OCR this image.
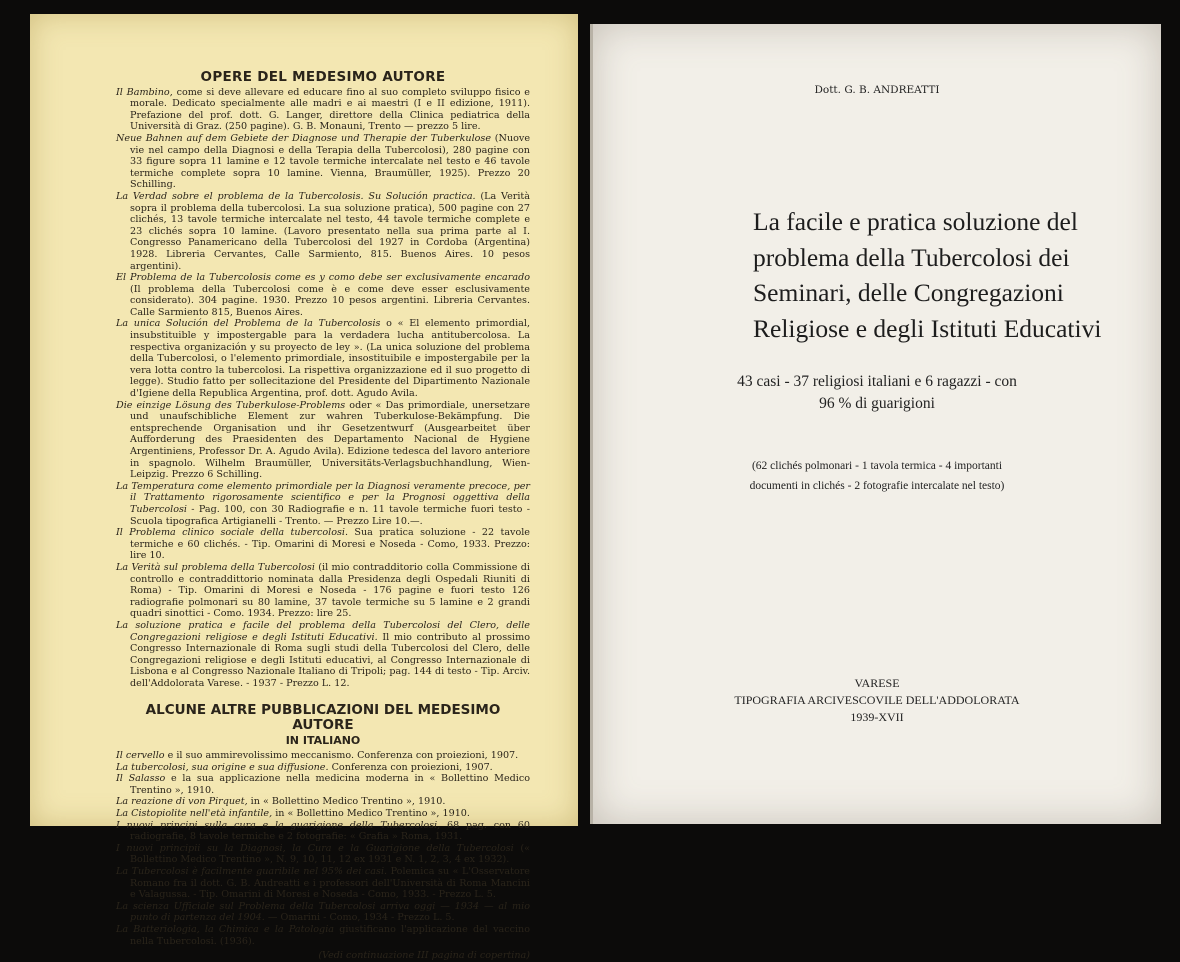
OPERE DEL MEDESIMO AUTORE
Il Bambino, come si deve allevare ed educare fino al suo completo sviluppo fisico e morale. Dedicato specialmente alle madri e ai maestri (I e II edizione, 1911). Prefazione del prof. dott. G. Langer, direttore della Clinica pediatrica della Università di Graz. (250 pagine). G. B. Monauni, Trento — prezzo 5 lire.
Neue Bahnen auf dem Gebiete der Diagnose und Therapie der Tuberkulose (Nuove vie nel campo della Diagnosi e della Terapia della Tubercolosi), 280 pagine con 33 figure sopra 11 lamine e 12 tavole termiche intercalate nel testo e 46 tavole termiche complete sopra 10 lamine. Vienna, Braumüller, 1925). Prezzo 20 Schilling.
La Verdad sobre el problema de la Tubercolosis. Su Solución practica. (La Verità sopra il problema della tubercolosi. La sua soluzione pratica), 500 pagine con 27 clichés, 13 tavole termiche intercalate nel testo, 44 tavole termiche complete e 23 clichés sopra 10 lamine. (Lavoro presentato nella sua prima parte al I. Congresso Panamericano della Tubercolosi del 1927 in Cordoba (Argentina) 1928. Libreria Cervantes, Calle Sarmiento, 815. Buenos Aires. 10 pesos argentini).
El Problema de la Tubercolosis come es y como debe ser exclusivamente encarado (Il problema della Tubercolosi come è e come deve esser esclusivamente considerato). 304 pagine. 1930. Prezzo 10 pesos argentini. Libreria Cervantes. Calle Sarmiento 815, Buenos Aires.
La unica Solución del Problema de la Tubercolosis o « El elemento primordial, insubstituible y impostergable para la verdadera lucha antitubercolosa. La respectiva organización y su proyecto de ley ». (La unica soluzione del problema della Tubercolosi, o l'elemento primordiale, insostituibile e impostergabile per la vera lotta contro la tubercolosi. La rispettiva organizzazione ed il suo progetto di legge). Studio fatto per sollecitazione del Presidente del Dipartimento Nazionale d'Igiene della Republica Argentina, prof. dott. Agudo Avila.
Die einzige Lösung des Tuberkulose-Problems oder « Das primordiale, unersetzare und unaufschibliche Element zur wahren Tuberkulose-Bekämpfung. Die entsprechende Organisation und ihr Gesetzentwurf (Ausgearbeitet über Aufforderung des Praesidenten des Departamento Nacional de Hygiene Argentiniens, Professor Dr. A. Agudo Avila). Edizione tedesca del lavoro anteriore in spagnolo. Wilhelm Braumüller, Universitäts-Verlagsbuchhandlung, Wien-Leipzig. Prezzo 6 Schilling.
La Temperatura come elemento primordiale per la Diagnosi veramente precoce, per il Trattamento rigorosamente scientifico e per la Prognosi oggettiva della Tubercolosi - Pag. 100, con 30 Radiografie e n. 11 tavole termiche fuori testo - Scuola tipografica Artigianelli - Trento. — Prezzo Lire 10.—.
Il Problema clinico sociale della tubercolosi. Sua pratica soluzione - 22 tavole termiche e 60 clichés. - Tip. Omarini di Moresi e Noseda - Como, 1933. Prezzo: lire 10.
La Verità sul problema della Tubercolosi (il mio contradditorio colla Commissione di controllo e contraddittorio nominata dalla Presidenza degli Ospedali Riuniti di Roma) - Tip. Omarini di Moresi e Noseda - 176 pagine e fuori testo 126 radiografie polmonari su 80 lamine, 37 tavole termiche su 5 lamine e 2 grandi quadri sinottici - Como. 1934. Prezzo: lire 25.
La soluzione pratica e facile del problema della Tubercolosi del Clero, delle Congregazioni religiose e degli Istituti Educativi. Il mio contributo al prossimo Congresso Internazionale di Roma sugli studi della Tubercolosi del Clero, delle Congregazioni religiose e degli Istituti educativi, al Congresso Internazionale di Lisbona e al Congresso Nazionale Italiano di Tripoli; pag. 144 di testo - Tip. Arciv. dell'Addolorata Varese. - 1937 - Prezzo L. 12.
ALCUNE ALTRE PUBBLICAZIONI DEL MEDESIMO AUTORE
IN ITALIANO
Il cervello e il suo ammirevolissimo meccanismo. Conferenza con proiezioni, 1907.
La tubercolosi, sua origine e sua diffusione. Conferenza con proiezioni, 1907.
Il Salasso e la sua applicazione nella medicina moderna in « Bollettino Medico Trentino », 1910.
La reazione di von Pirquet, in « Bollettino Medico Trentino », 1910.
La Cistopiolite nell'età infantile, in « Bollettino Medico Trentino », 1910.
I nuovi principi sulla cura e la guarigione della Tubercolosi, 68 pag. con 60 radiografie, 8 tavole termiche e 2 fotografie: « Grafia » Roma, 1931.
I nuovi principii su la Diagnosi, la Cura e la Guarigione della Tubercolosi (« Bollettino Medico Trentino », N. 9, 10, 11, 12 ex 1931 e N. 1, 2, 3, 4 ex 1932).
La Tubercolosi è facilmente guaribile nel 95% dei casi. Polemica su « L'Osservatore Romano fra il dott. G. B. Andreatti e i professori dell'Università di Roma Mancini e Valagussa. - Tip. Omarini di Moresi e Noseda - Como, 1933. - Prezzo L. 5.
La scienza Ufficiale sul Problema della Tubercolosi arriva oggi — 1934 — al mio punto di partenza del 1904. — Omarini - Como, 1934 - Prezzo L. 5.
La Batteriologia, la Chimica e la Patologia giustificano l'applicazione del vaccino nella Tubercolosi. (1936).
(Vedi continuazione III pagina di copertina)
Dott. G. B. ANDREATTI
La facile e pratica soluzione del
problema della Tubercolosi dei
Seminari, delle Congregazioni
Religiose e degli Istituti Educativi
43 casi - 37 religiosi italiani e 6 ragazzi - con
96 % di guarigioni
(62 clichés polmonari - 1 tavola termica - 4 importanti
documenti in clichés - 2 fotografie intercalate nel testo)
VARESE
TIPOGRAFIA ARCIVESCOVILE DELL'ADDOLORATA
1939-XVII
